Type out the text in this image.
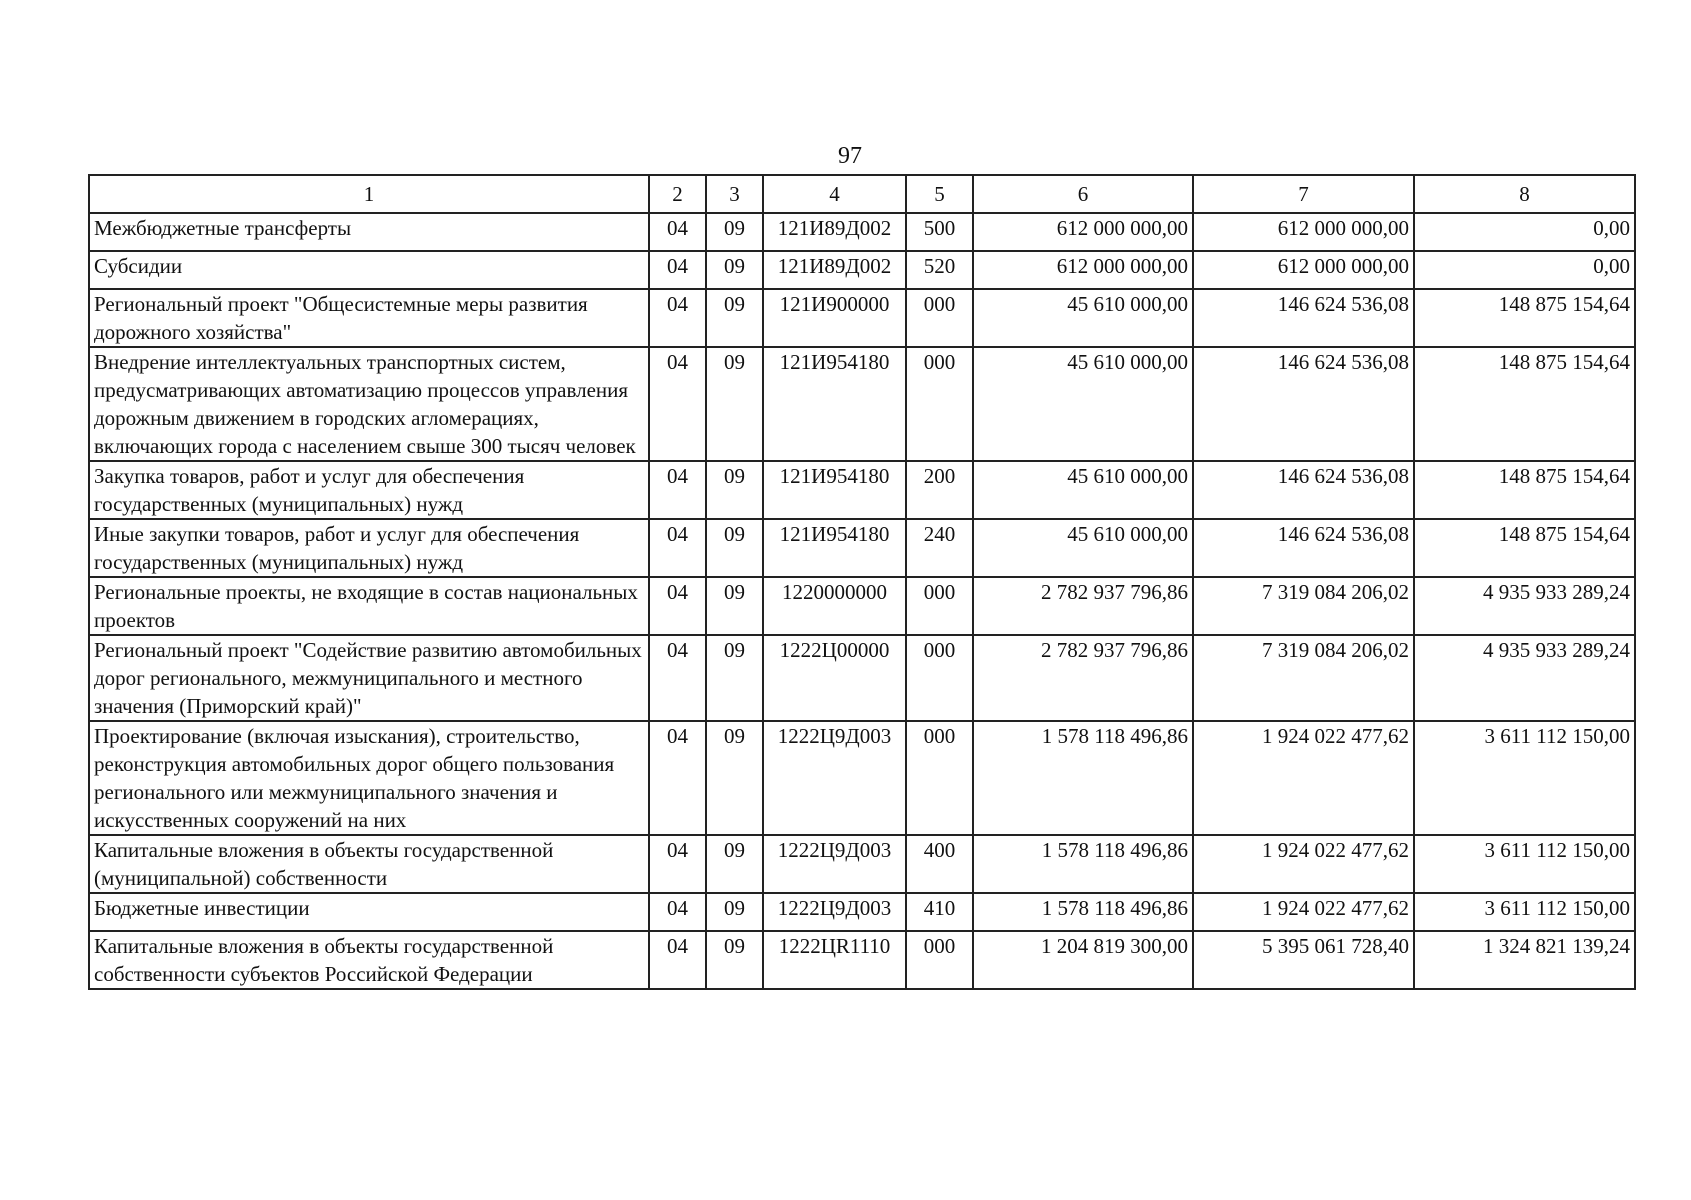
97
1	2	3	4	5	6	7	8
Межбюджетные трансферты	04	09	121И89Д002	500	612 000 000,00	612 000 000,00	0,00
Субсидии	04	09	121И89Д002	520	612 000 000,00	612 000 000,00	0,00
Региональный проект "Общесистемные меры развития дорожного хозяйства"	04	09	121И900000	000	45 610 000,00	146 624 536,08	148 875 154,64
Внедрение интеллектуальных транспортных систем, предусматривающих автоматизацию процессов управления дорожным движением в городских агломерациях, включающих города с населением свыше 300 тысяч человек	04	09	121И954180	000	45 610 000,00	146 624 536,08	148 875 154,64
Закупка товаров, работ и услуг для обеспечения государственных (муниципальных) нужд	04	09	121И954180	200	45 610 000,00	146 624 536,08	148 875 154,64
Иные закупки товаров, работ и услуг для обеспечения государственных (муниципальных) нужд	04	09	121И954180	240	45 610 000,00	146 624 536,08	148 875 154,64
Региональные проекты, не входящие в состав национальных проектов	04	09	1220000000	000	2 782 937 796,86	7 319 084 206,02	4 935 933 289,24
Региональный проект "Содействие развитию автомобильных дорог регионального, межмуниципального и местного значения (Приморский край)"	04	09	1222Ц00000	000	2 782 937 796,86	7 319 084 206,02	4 935 933 289,24
Проектирование (включая изыскания), строительство, реконструкция автомобильных дорог общего пользования регионального или межмуниципального значения и искусственных сооружений на них	04	09	1222Ц9Д003	000	1 578 118 496,86	1 924 022 477,62	3 611 112 150,00
Капитальные вложения в объекты государственной (муниципальной) собственности	04	09	1222Ц9Д003	400	1 578 118 496,86	1 924 022 477,62	3 611 112 150,00
Бюджетные инвестиции	04	09	1222Ц9Д003	410	1 578 118 496,86	1 924 022 477,62	3 611 112 150,00
Капитальные вложения в объекты государственной собственности субъектов Российской Федерации	04	09	1222ЦR1110	000	1 204 819 300,00	5 395 061 728,40	1 324 821 139,24
